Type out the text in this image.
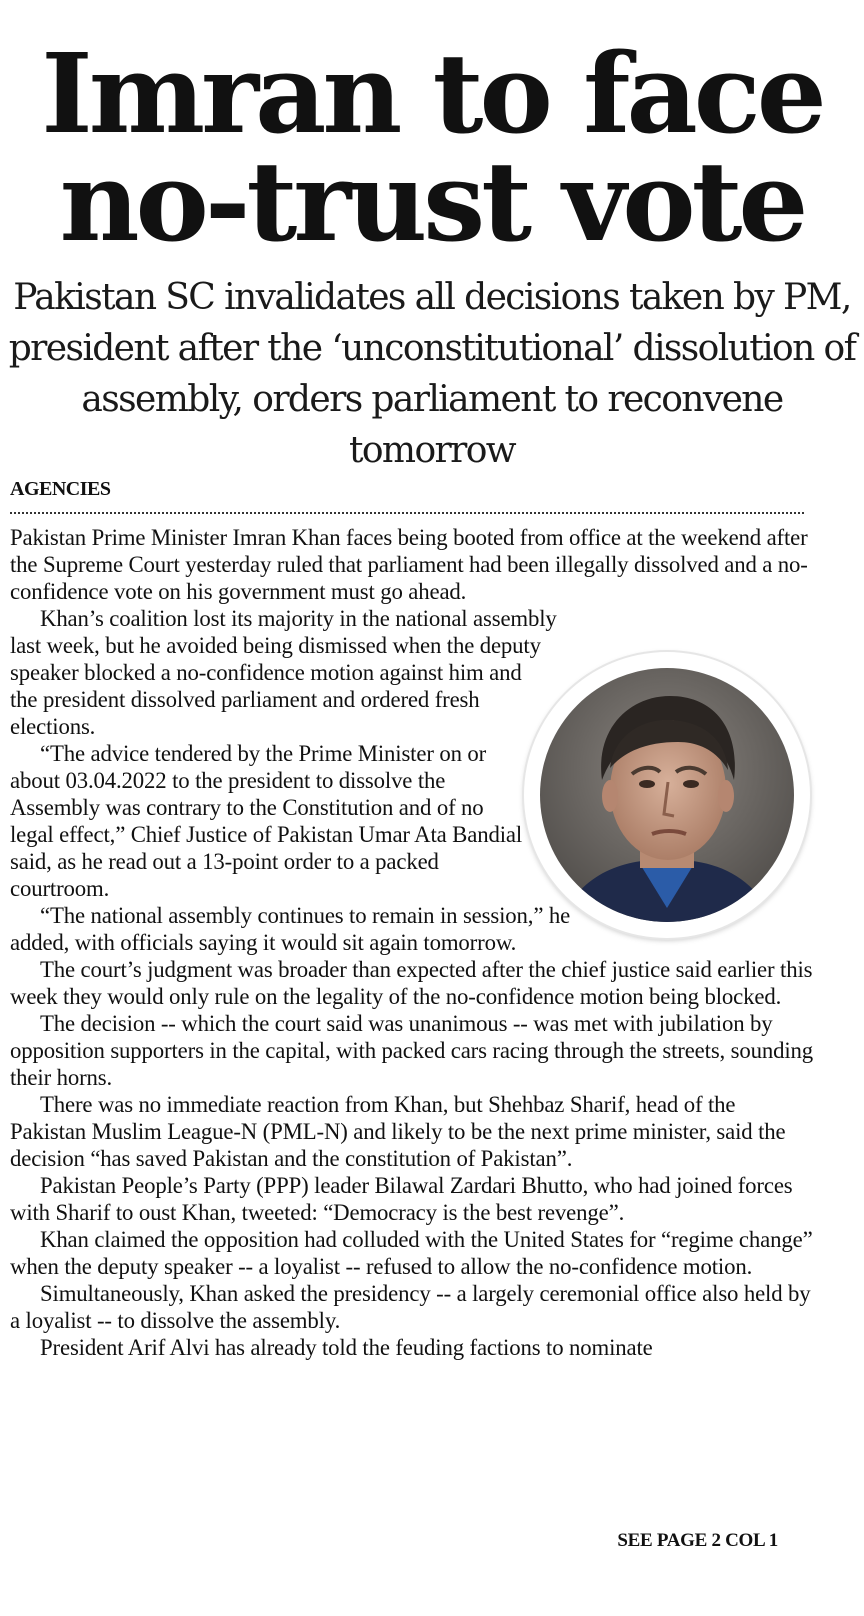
Imran to face no-trust vote
Pakistan SC invalidates all decisions taken by PM, president after the ‘unconstitutional’ dissolution of assembly, orders parliament to reconvene tomorrow
AGENCIES

Pakistan Prime Minister Imran Khan faces being booted from office at the weekend after the Supreme Court yesterday ruled that parliament had been illegally dissolved and a no-confidence vote on his government must go ahead.

Khan’s coalition lost its majority in the national assembly last week, but he avoided being dismissed when the deputy speaker blocked a no-confidence motion against him and the president dissolved parliament and ordered fresh elections.

“The advice tendered by the Prime Minister on or about 03.04.2022 to the president to dissolve the Assembly was contrary to the Constitution and of no legal effect,” Chief Justice of Pakistan Umar Ata Bandial said, as he read out a 13-point order to a packed courtroom.

“The national assembly continues to remain in session,” he added, with officials saying it would sit again tomorrow.

The court’s judgment was broader than expected after the chief justice said earlier this week they would only rule on the legality of the no-confidence motion being blocked.

The decision -- which the court said was unanimous -- was met with jubilation by opposition supporters in the capital, with packed cars racing through the streets, sounding their horns.

There was no immediate reaction from Khan, but Shehbaz Sharif, head of the Pakistan Muslim League-N (PML-N) and likely to be the next prime minister, said the decision “has saved Pakistan and the constitution of Pakistan”.

Pakistan People’s Party (PPP) leader Bilawal Zardari Bhutto, who had joined forces with Sharif to oust Khan, tweeted: “Democracy is the best revenge”.

Khan claimed the opposition had colluded with the United States for “regime change” when the deputy speaker -- a loyalist -- refused to allow the no-confidence motion.

Simultaneously, Khan asked the presidency -- a largely ceremonial office also held by a loyalist -- to dissolve the assembly.

President Arif Alvi has already told the feuding factions to nominate

SEE PAGE 2 COL 1
